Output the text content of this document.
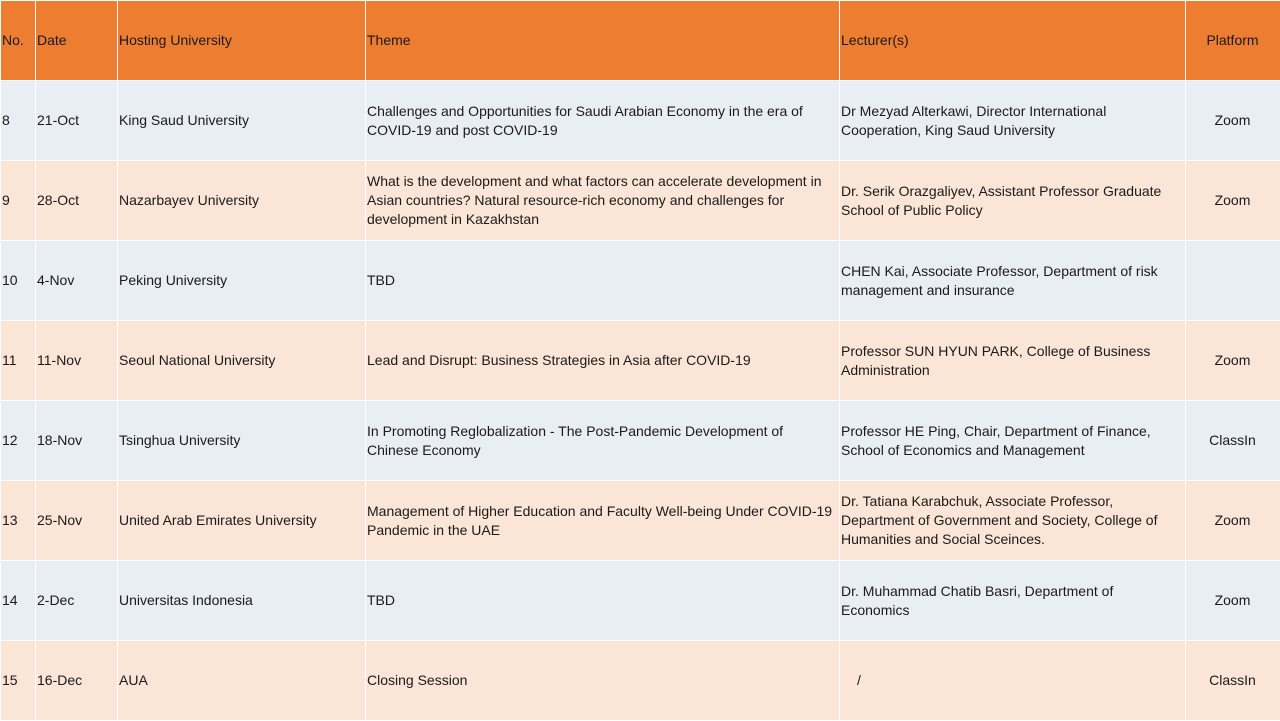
No.	Date	Hosting University	Theme	Lecturer(s)	Platform
8	21-Oct	King Saud University	Challenges and Opportunities for Saudi Arabian Economy in the era of COVID-19 and post COVID-19	Dr Mezyad Alterkawi, Director International Cooperation, King Saud University	Zoom
9	28-Oct	Nazarbayev University	What is the development and what factors can accelerate development in Asian countries? Natural resource-rich economy and challenges for development in Kazakhstan	Dr. Serik Orazgaliyev, Assistant Professor Graduate School of Public Policy	Zoom
10	4-Nov	Peking University	TBD	CHEN Kai, Associate Professor, Department of risk management and insurance	
11	11-Nov	Seoul National University	Lead and Disrupt: Business Strategies in Asia after COVID-19	Professor SUN HYUN PARK, College of Business Administration	Zoom
12	18-Nov	Tsinghua University	In Promoting Reglobalization - The Post-Pandemic Development of Chinese Economy	Professor HE Ping, Chair, Department of Finance, School of Economics and Management	ClassIn
13	25-Nov	United Arab Emirates University	Management of Higher Education and Faculty Well-being Under COVID-19 Pandemic in the UAE	Dr. Tatiana Karabchuk, Associate Professor, Department of Government and Society, College of Humanities and Social Sceinces.	Zoom
14	2-Dec	Universitas Indonesia	TBD	Dr. Muhammad Chatib Basri, Department of Economics	Zoom
15	16-Dec	AUA	Closing Session	/	ClassIn
